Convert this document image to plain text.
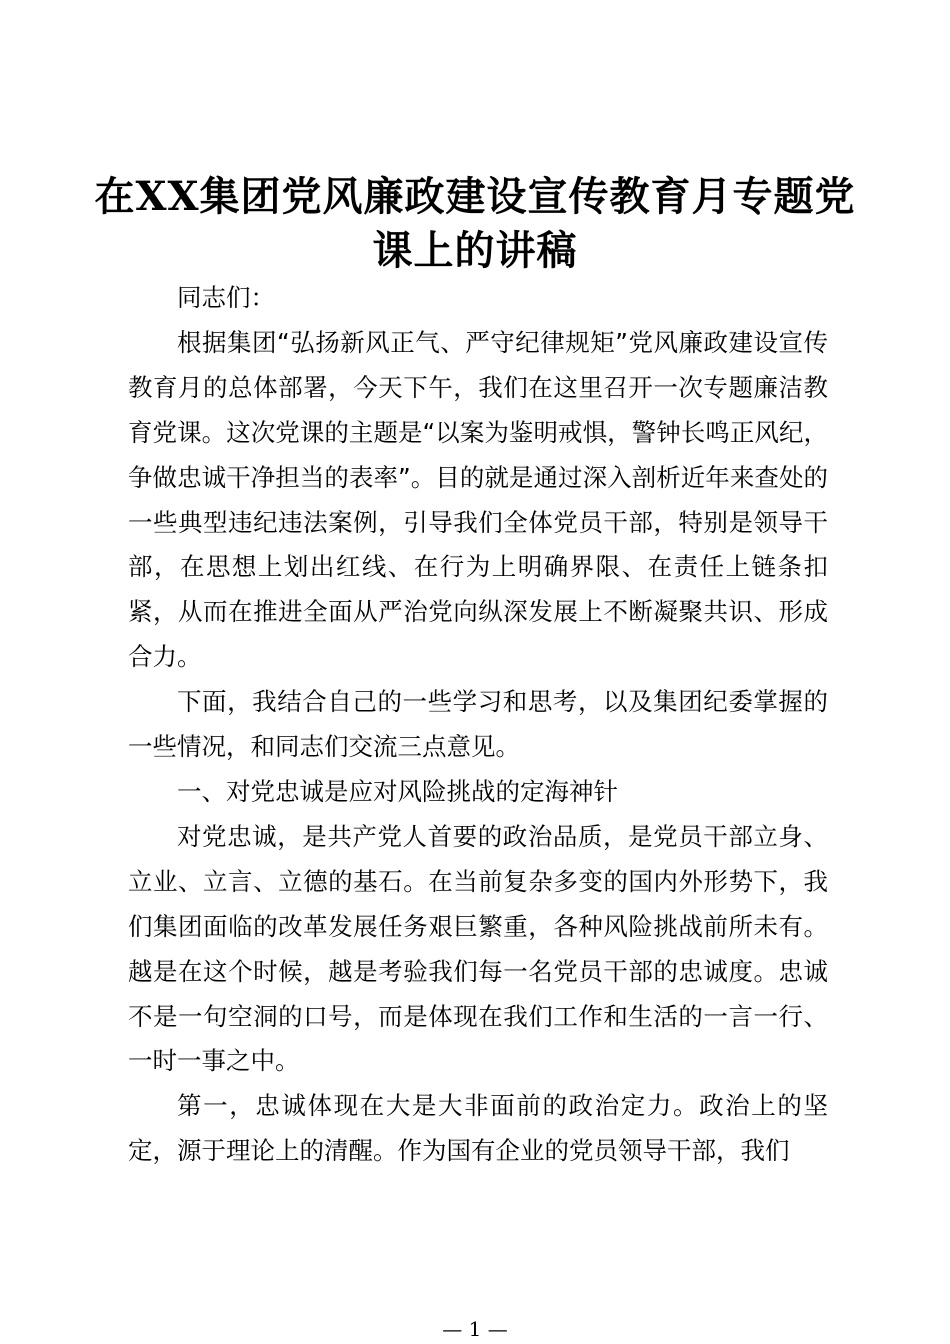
在XX集团党风廉政建设宣传教育月专题党课上的讲稿

同志们：

根据集团“弘扬新风正气、严守纪律规矩”党风廉政建设宣传教育月的总体部署，今天下午，我们在这里召开一次专题廉洁教育党课。这次党课的主题是“以案为鉴明戒惧，警钟长鸣正风纪，争做忠诚干净担当的表率”。目的就是通过深入剖析近年来查处的一些典型违纪违法案例，引导我们全体党员干部，特别是领导干部，在思想上划出红线、在行为上明确界限、在责任上链条扣紧，从而在推进全面从严治党向纵深发展上不断凝聚共识、形成合力。

下面，我结合自己的一些学习和思考，以及集团纪委掌握的一些情况，和同志们交流三点意见。

一、对党忠诚是应对风险挑战的定海神针

对党忠诚，是共产党人首要的政治品质，是党员干部立身、立业、立言、立德的基石。在当前复杂多变的国内外形势下，我们集团面临的改革发展任务艰巨繁重，各种风险挑战前所未有。越是在这个时候，越是考验我们每一名党员干部的忠诚度。忠诚不是一句空洞的口号，而是体现在我们工作和生活的一言一行、一时一事之中。

第一，忠诚体现在大是大非面前的政治定力。政治上的坚定，源于理论上的清醒。作为国有企业的党员领导干部，我们

— 1 —
